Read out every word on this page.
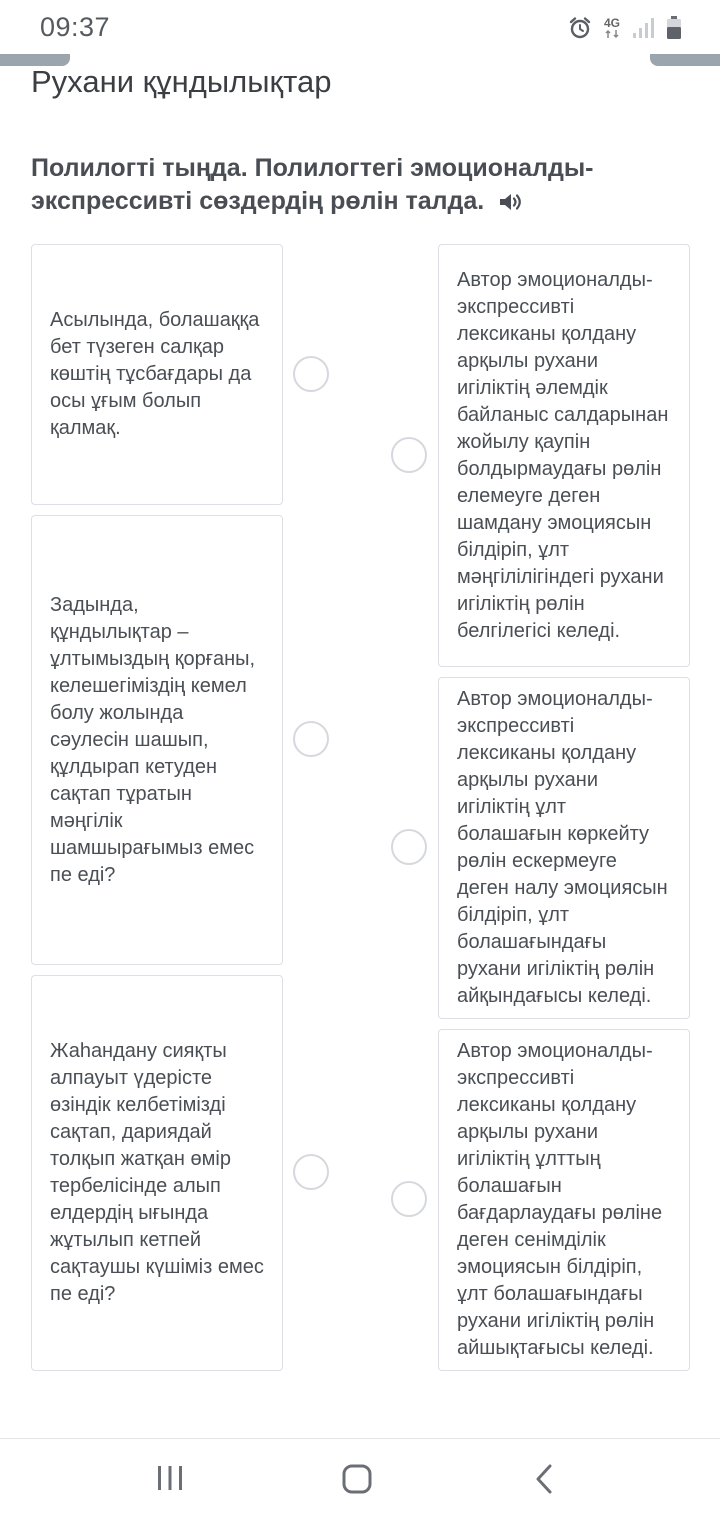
09:37	4G
Рухани құндылықтар
Полилогті тыңда. Полилогтегі эмоционалды-экспрессивті сөздердің рөлін талда.
Асылында, болашаққа бет түзеген салқар көштің тұсбағдары да осы ұғым болып қалмақ.
Задында, құндылықтар – ұлтымыздың қорғаны, келешегіміздің кемел болу жолында сәулесін шашып, құлдырап кетуден сақтап тұратын мәңгілік шамшырағымыз емес пе еді?
Жаһандану сияқты алпауыт үдерісте өзіндік келбетімізді сақтап, дариядай толқып жатқан өмір тербелісінде алып елдердің ығында жұтылып кетпей сақтаушы күшіміз емес пе еді?
Автор эмоционалды-экспрессивті лексиканы қолдану арқылы рухани игіліктің әлемдік байланыс салдарынан жойылу қаупін болдырмаудағы рөлін елемеуге деген шамдану эмоциясын білдіріп, ұлт мәңгілілігіндегі рухани игіліктің рөлін белгілегісі келеді.
Автор эмоционалды-экспрессивті лексиканы қолдану арқылы рухани игіліктің ұлт болашағын көркейту рөлін ескермеуге деген налу эмоциясын білдіріп, ұлт болашағындағы рухани игіліктің рөлін айқындағысы келеді.
Автор эмоционалды-экспрессивті лексиканы қолдану арқылы рухани игіліктің ұлттың болашағын бағдарлаудағы рөліне деген сенімділік эмоциясын білдіріп, ұлт болашағындағы рухани игіліктің рөлін айшықтағысы келеді.
